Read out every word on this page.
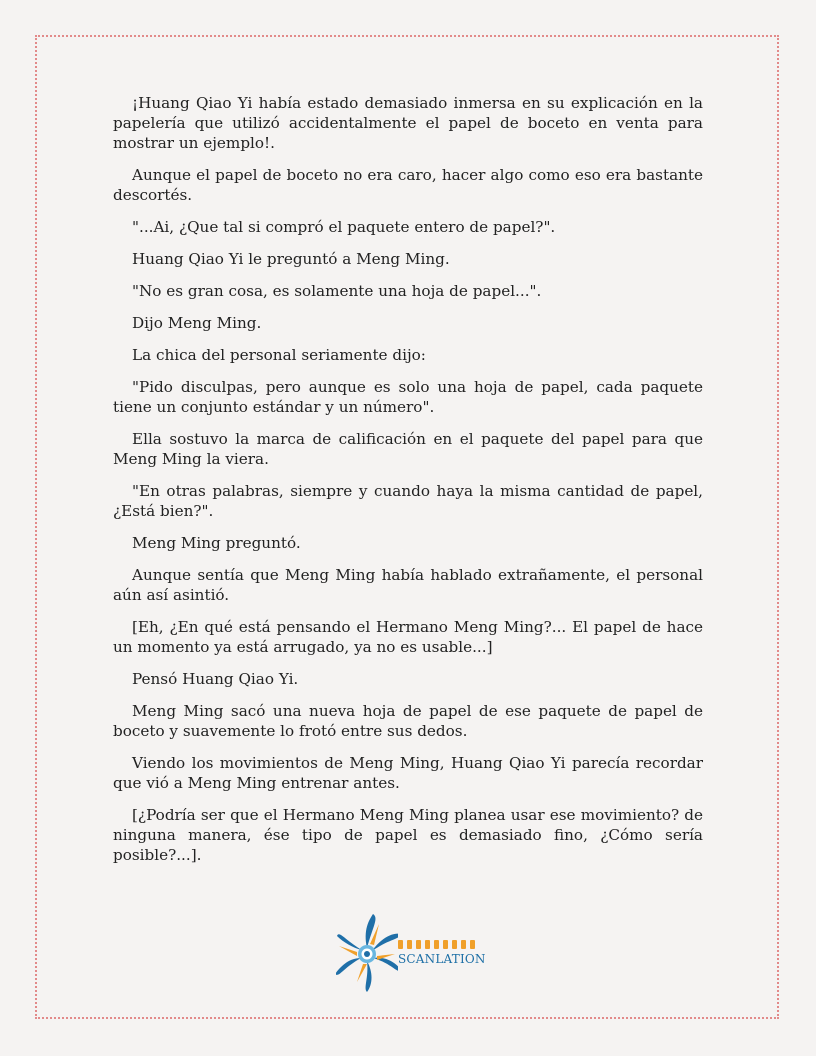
¡Huang Qiao Yi había estado demasiado inmersa en su explicación en la papelería que utilizó accidentalmente el papel de boceto en venta para mostrar un ejemplo!.

Aunque el papel de boceto no era caro, hacer algo como eso era bastante descortés.

"...Ai, ¿Que tal si compró el paquete entero de papel?".

Huang Qiao Yi le preguntó a Meng Ming.

"No es gran cosa, es solamente una hoja de papel...".

Dijo Meng Ming.

La chica del personal seriamente dijo:

"Pido disculpas, pero aunque es solo una hoja de papel, cada paquete tiene un conjunto estándar y un número".

Ella sostuvo la marca de calificación en el paquete del papel para que Meng Ming la viera.

"En otras palabras, siempre y cuando haya la misma cantidad de papel, ¿Está bien?".

Meng Ming preguntó.

Aunque sentía que Meng Ming había hablado extrañamente, el personal aún así asintió.

[Eh, ¿En qué está pensando el Hermano Meng Ming?... El papel de hace un momento ya está arrugado, ya no es usable...]

Pensó Huang Qiao Yi.

Meng Ming sacó una nueva hoja de papel de ese paquete de papel de boceto y suavemente lo frotó entre sus dedos.

Viendo los movimientos de Meng Ming, Huang Qiao Yi parecía recordar que vió a Meng Ming entrenar antes.

[¿Podría ser que el Hermano Meng Ming planea usar ese movimiento? de ninguna manera, ése tipo de papel es demasiado fino, ¿Cómo sería posible?...].

SCANLATION
